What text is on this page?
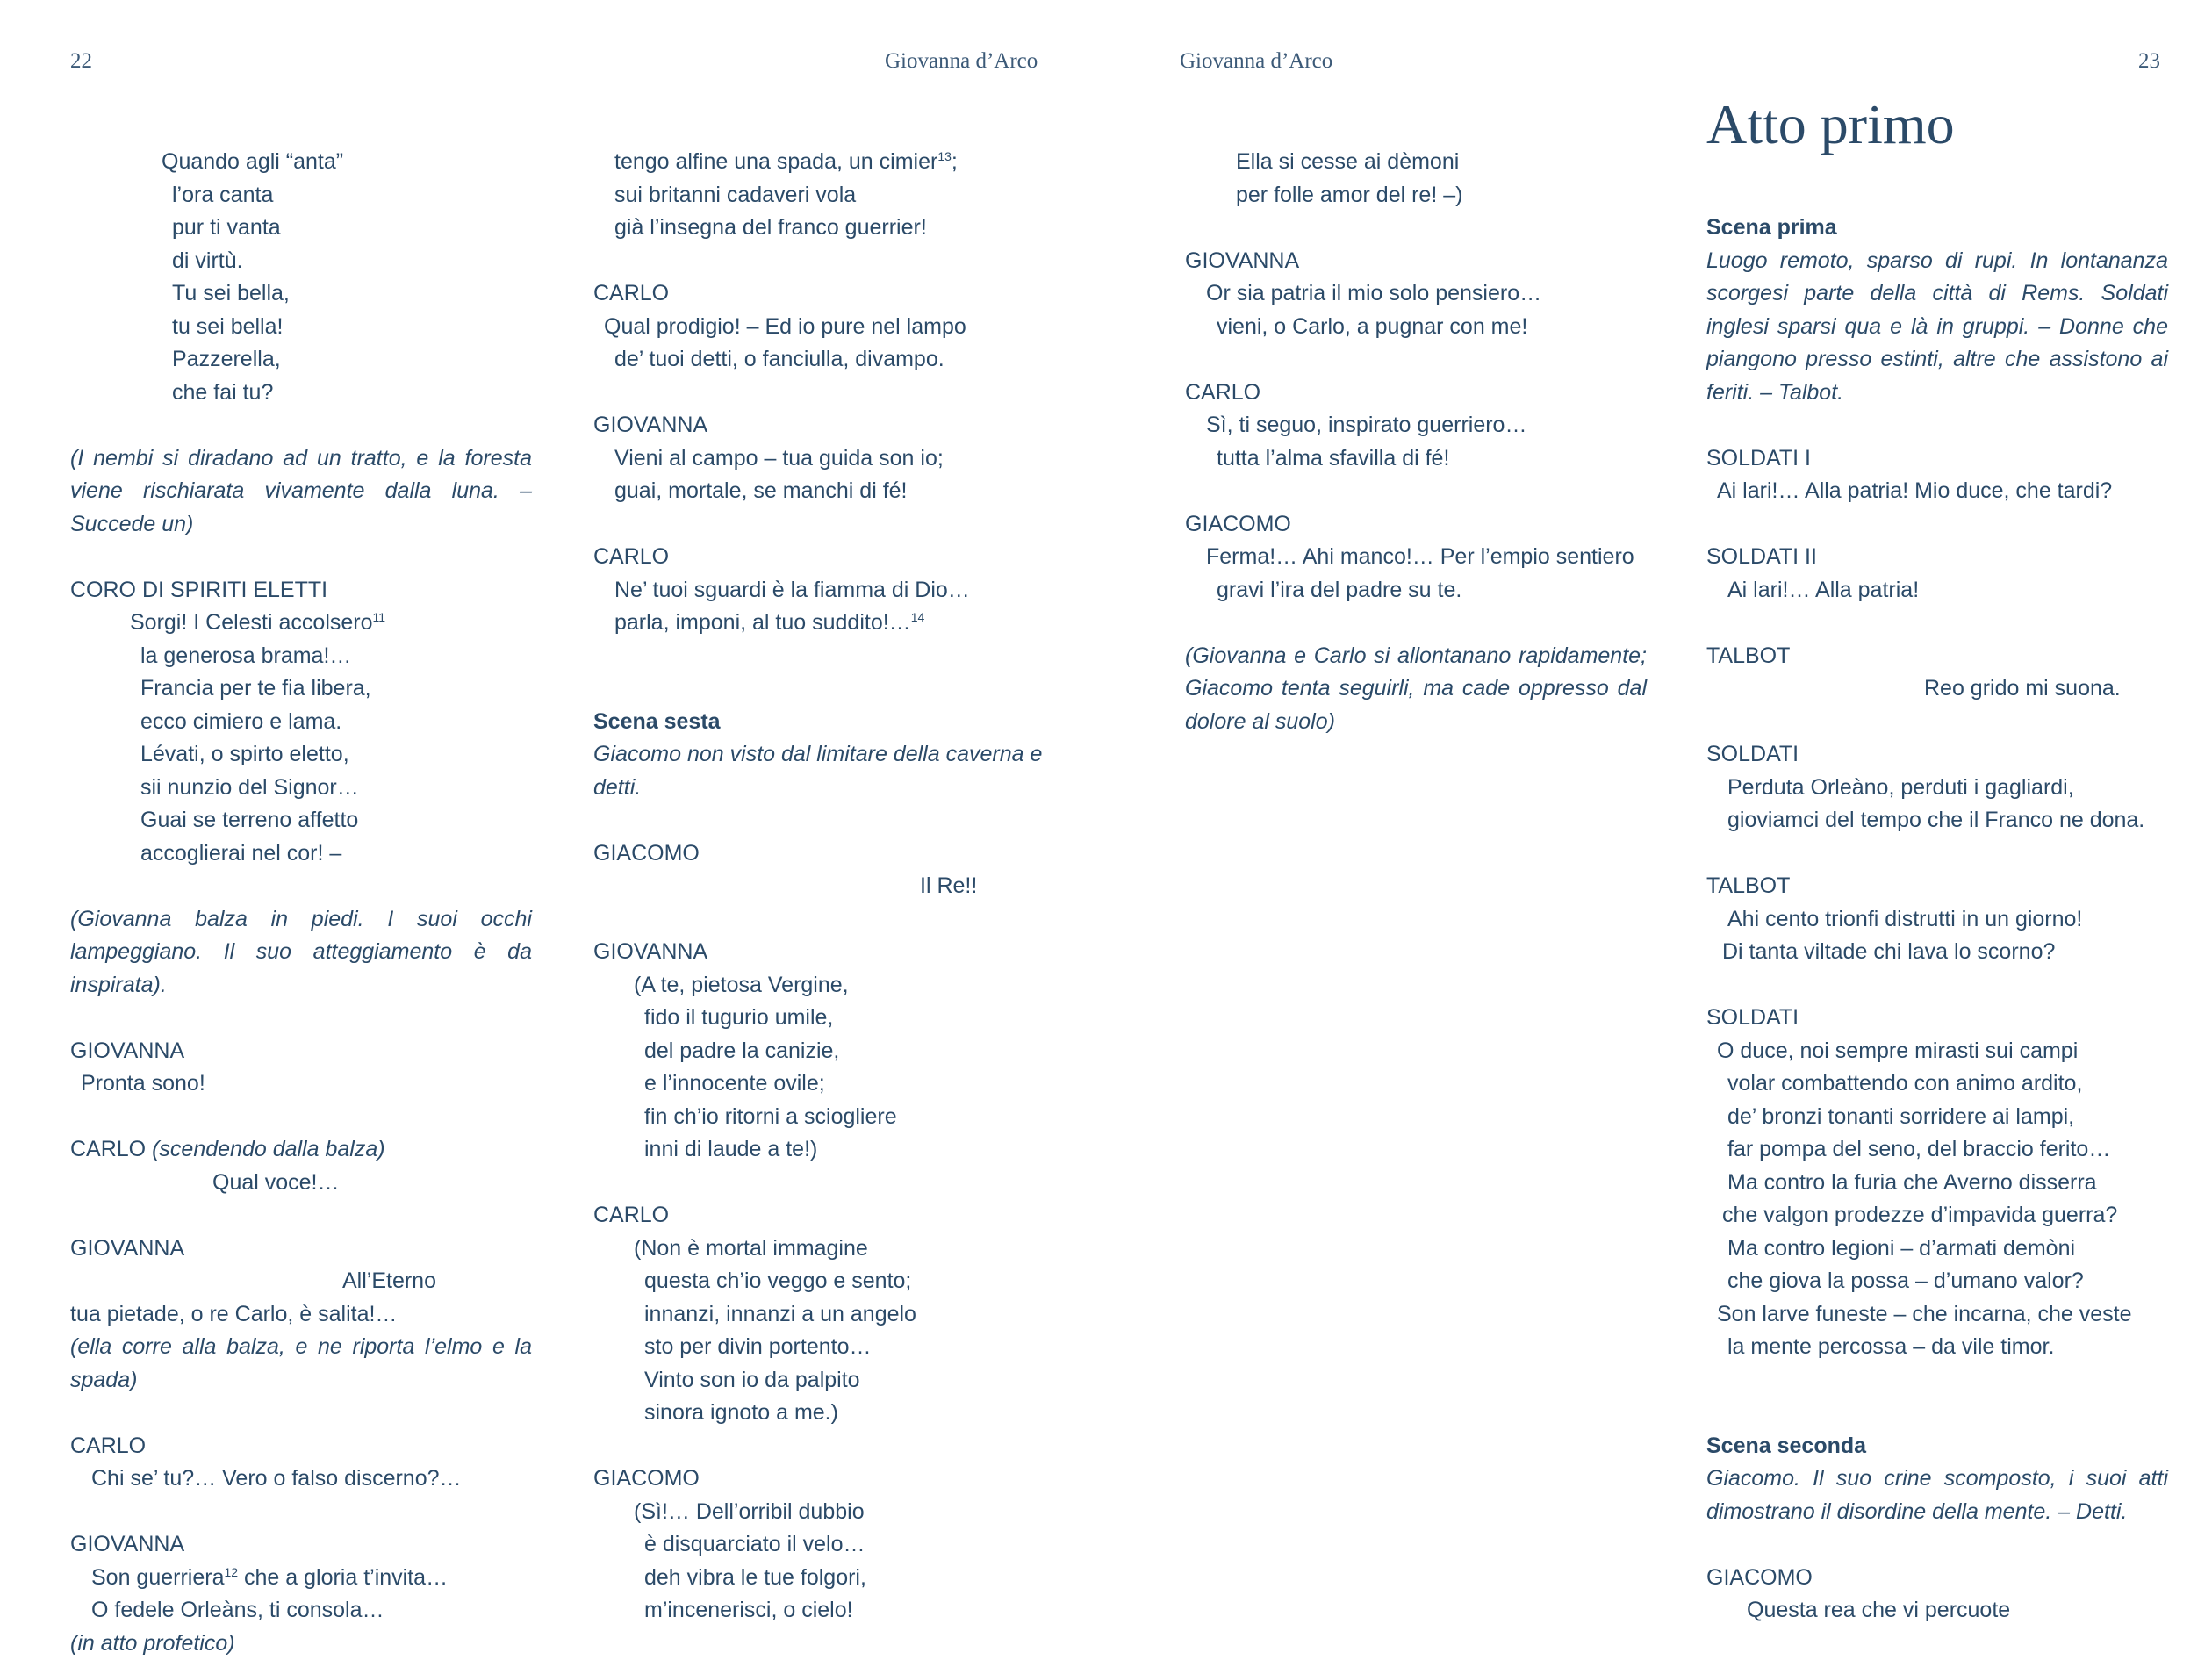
22	Giovanna d’Arco	Giovanna d’Arco	23

Atto primo

Quando agli “anta”

l’ora canta

pur ti vanta

di virtù.

Tu sei bella,

tu sei bella!

Pazzerella,

che fai tu?

(I nembi si diradano ad un tratto, e la foresta viene rischiarata vivamente dalla luna. – Succede un)

CORO DI SPIRITI ELETTI

Sorgi! I Celesti accolsero$^{11}$

la generosa brama!…

Francia per te fia libera,

ecco cimiero e lama.

Lévati, o spirto eletto,

sii nunzio del Signor…

Guai se terreno affetto

accoglierai nel cor! –

(Giovanna balza in piedi. I suoi occhi lampeggiano. Il suo atteggiamento è da inspirata).

GIOVANNA

Pronta sono!

CARLO (scendendo dalla balza)

Qual voce!…

GIOVANNA

All’Eterno

tua pietade, o re Carlo, è salita!…

(ella corre alla balza, e ne riporta l’elmo e la spada)

CARLO

Chi se’ tu?… Vero o falso discerno?…

GIOVANNA

Son guerriera$^{12}$ che a gloria t’invita…

O fedele Orleàns, ti consola…

(in atto profetico)

tengo alfine una spada, un cimier$^{13}$;

sui britanni cadaveri vola

già l’insegna del franco guerrier!

CARLO

Qual prodigio! – Ed io pure nel lampo

de’ tuoi detti, o fanciulla, divampo.

GIOVANNA

Vieni al campo – tua guida son io;

guai, mortale, se manchi di fé!

CARLO

Ne’ tuoi sguardi è la fiamma di Dio…

parla, imponi, al tuo suddito!…$^{14}$

Scena sesta

Giacomo non visto dal limitare della caverna e detti.

GIACOMO

Il Re!!

GIOVANNA

(A te, pietosa Vergine,

fido il tugurio umile,

del padre la canizie,

e l’innocente ovile;

fin ch’io ritorni a sciogliere

inni di laude a te!)

CARLO

(Non è mortal immagine

questa ch’io veggo e sento;

innanzi, innanzi a un angelo

sto per divin portento…

Vinto son io da palpito

sinora ignoto a me.)

GIACOMO

(Sì!… Dell’orribil dubbio

è disquarciato il velo…

deh vibra le tue folgori,

m’incenerisci, o cielo!

Ella si cesse ai dèmoni

per folle amor del re! –)

GIOVANNA

Or sia patria il mio solo pensiero…

vieni, o Carlo, a pugnar con me!

CARLO

Sì, ti seguo, inspirato guerriero…

tutta l’alma sfavilla di fé!

GIACOMO

Ferma!… Ahi manco!… Per l’empio sentiero

gravi l’ira del padre su te.

(Giovanna e Carlo si allontanano rapidamente; Giacomo tenta seguirli, ma cade oppresso dal dolore al suolo)

Scena prima

Luogo remoto, sparso di rupi. In lontananza scorgesi parte della città di Rems. Soldati inglesi sparsi qua e là in gruppi. – Donne che piangono presso estinti, altre che assistono ai feriti. – Talbot.

SOLDATI I

Ai lari!… Alla patria! Mio duce, che tardi?

SOLDATI II

Ai lari!… Alla patria!

TALBOT

Reo grido mi suona.

SOLDATI

Perduta Orleàno, perduti i gagliardi,

gioviamci del tempo che il Franco ne dona.

TALBOT

Ahi cento trionfi distrutti in un giorno!

Di tanta viltade chi lava lo scorno?

SOLDATI

O duce, noi sempre mirasti sui campi

volar combattendo con animo ardito,

de’ bronzi tonanti sorridere ai lampi,

far pompa del seno, del braccio ferito…

Ma contro la furia che Averno disserra

che valgon prodezze d’impavida guerra?

Ma contro legioni – d’armati demòni

che giova la possa – d’umano valor?

Son larve funeste – che incarna, che veste

la mente percossa – da vile timor.

Scena seconda

Giacomo. Il suo crine scomposto, i suoi atti dimostrano il disordine della mente. – Detti.

GIACOMO

Questa rea che vi percuote
